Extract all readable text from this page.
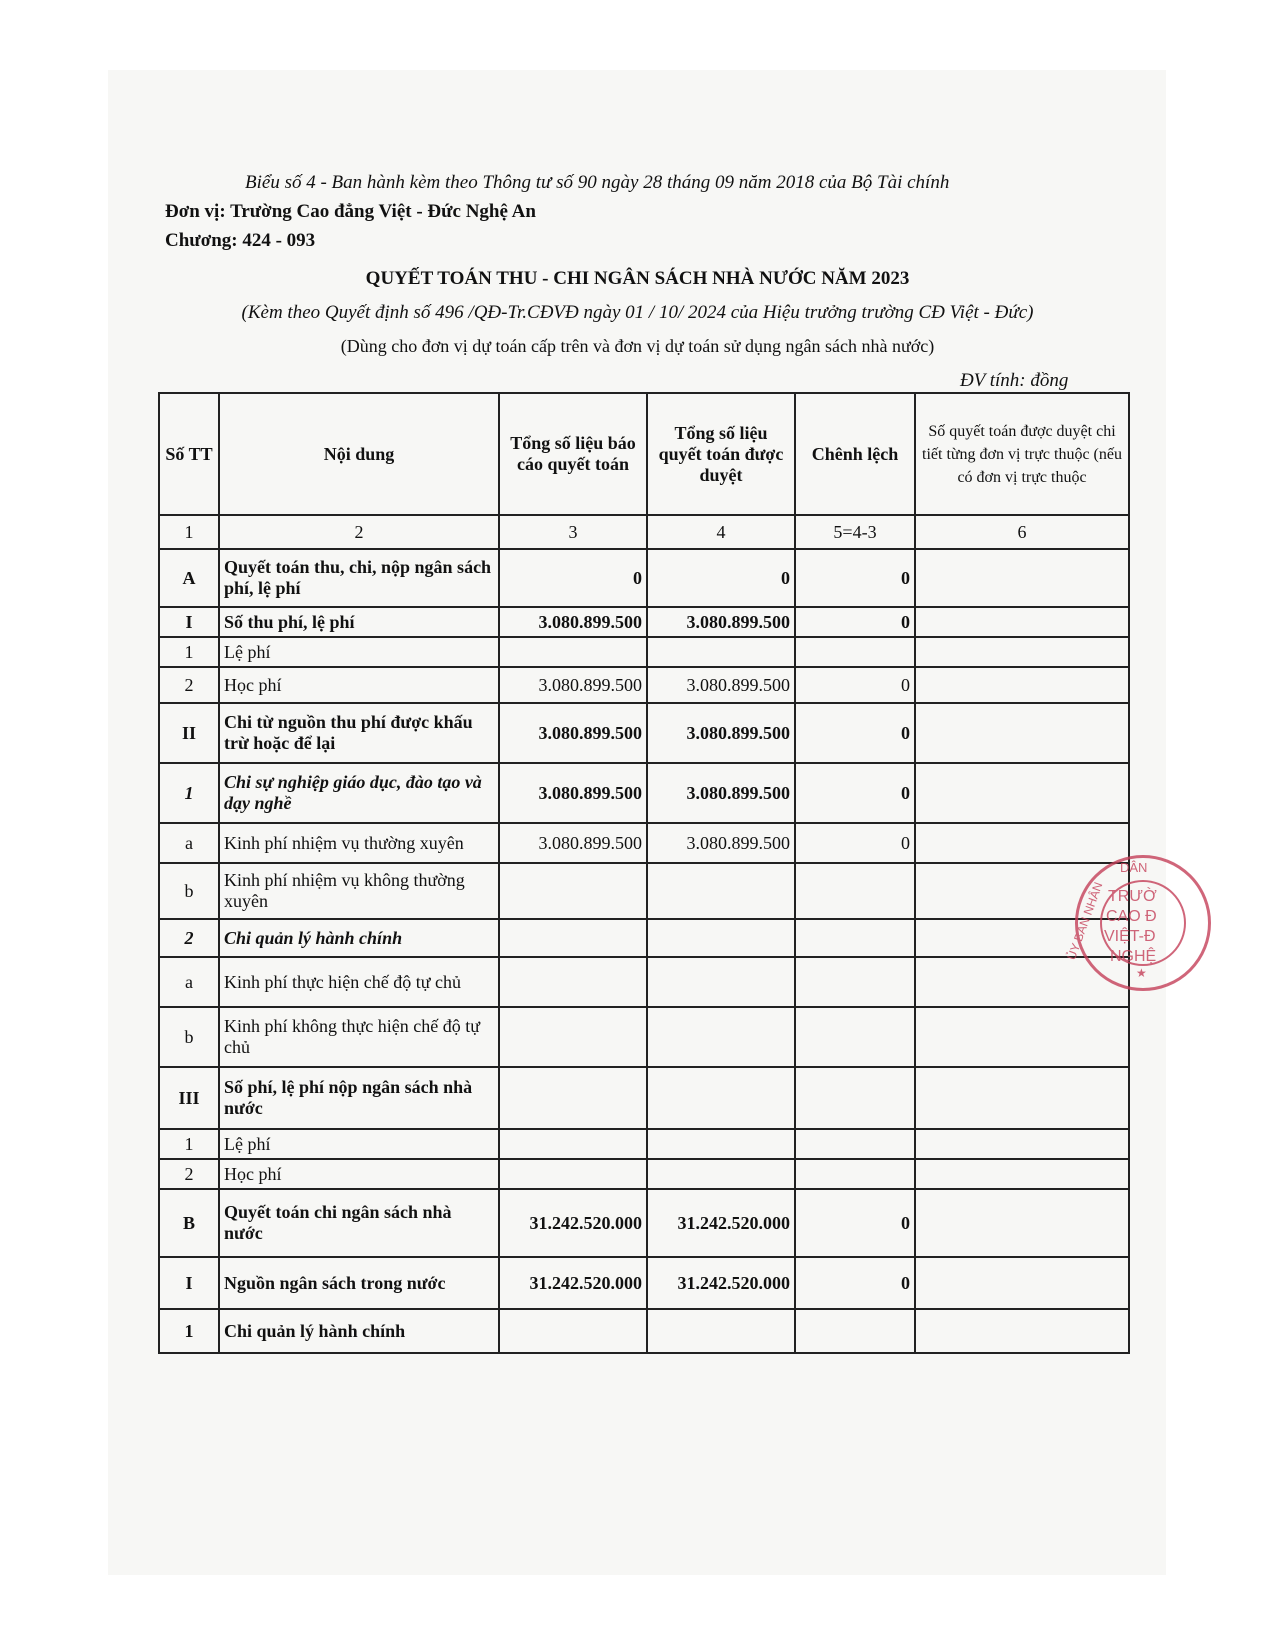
Biểu số 4 - Ban hành kèm theo Thông tư số 90 ngày 28 tháng 09 năm 2018 của Bộ Tài chính
Đơn vị: Trường Cao đẳng Việt - Đức Nghệ An
Chương: 424 - 093
QUYẾT TOÁN THU - CHI NGÂN SÁCH NHÀ NƯỚC NĂM 2023
(Kèm theo Quyết định số 496 /QĐ-Tr.CĐVĐ ngày 01 / 10/ 2024 của Hiệu trưởng trường CĐ Việt - Đức)
(Dùng cho đơn vị dự toán cấp trên và đơn vị dự toán sử dụng ngân sách nhà nước)
ĐV tính: đồng
Số TT	Nội dung	Tổng số liệu báo cáo quyết toán	Tổng số liệu quyết toán được duyệt	Chênh lệch	Số quyết toán được duyệt chi tiết từng đơn vị trực thuộc (nếu có đơn vị trực thuộc
1	2	3	4	5=4-3	6
A	Quyết toán thu, chi, nộp ngân sách phí, lệ phí	0	0	0	
I	Số thu phí, lệ phí	3.080.899.500	3.080.899.500	0	
1	Lệ phí				
2	Học phí	3.080.899.500	3.080.899.500	0	
II	Chi từ nguồn thu phí được khấu trừ hoặc để lại	3.080.899.500	3.080.899.500	0	
1	Chi sự nghiệp giáo dục, đào tạo và dạy nghề	3.080.899.500	3.080.899.500	0	
a	Kinh phí nhiệm vụ thường xuyên	3.080.899.500	3.080.899.500	0	
b	Kinh phí nhiệm vụ không thường xuyên				
2	Chi quản lý hành chính				
a	Kinh phí thực hiện chế độ tự chủ				
b	Kinh phí không thực hiện chế độ tự chủ				
III	Số phí, lệ phí nộp ngân sách nhà nước				
1	Lệ phí				
2	Học phí				
B	Quyết toán chi ngân sách nhà nước	31.242.520.000	31.242.520.000	0	
I	Nguồn ngân sách trong nước	31.242.520.000	31.242.520.000	0	
1	Chi quản lý hành chính				
DÂN
ỦY BAN NHÂN TRƯỜ
CAO Đ
VIỆT-Đ
NGHỆ
★
